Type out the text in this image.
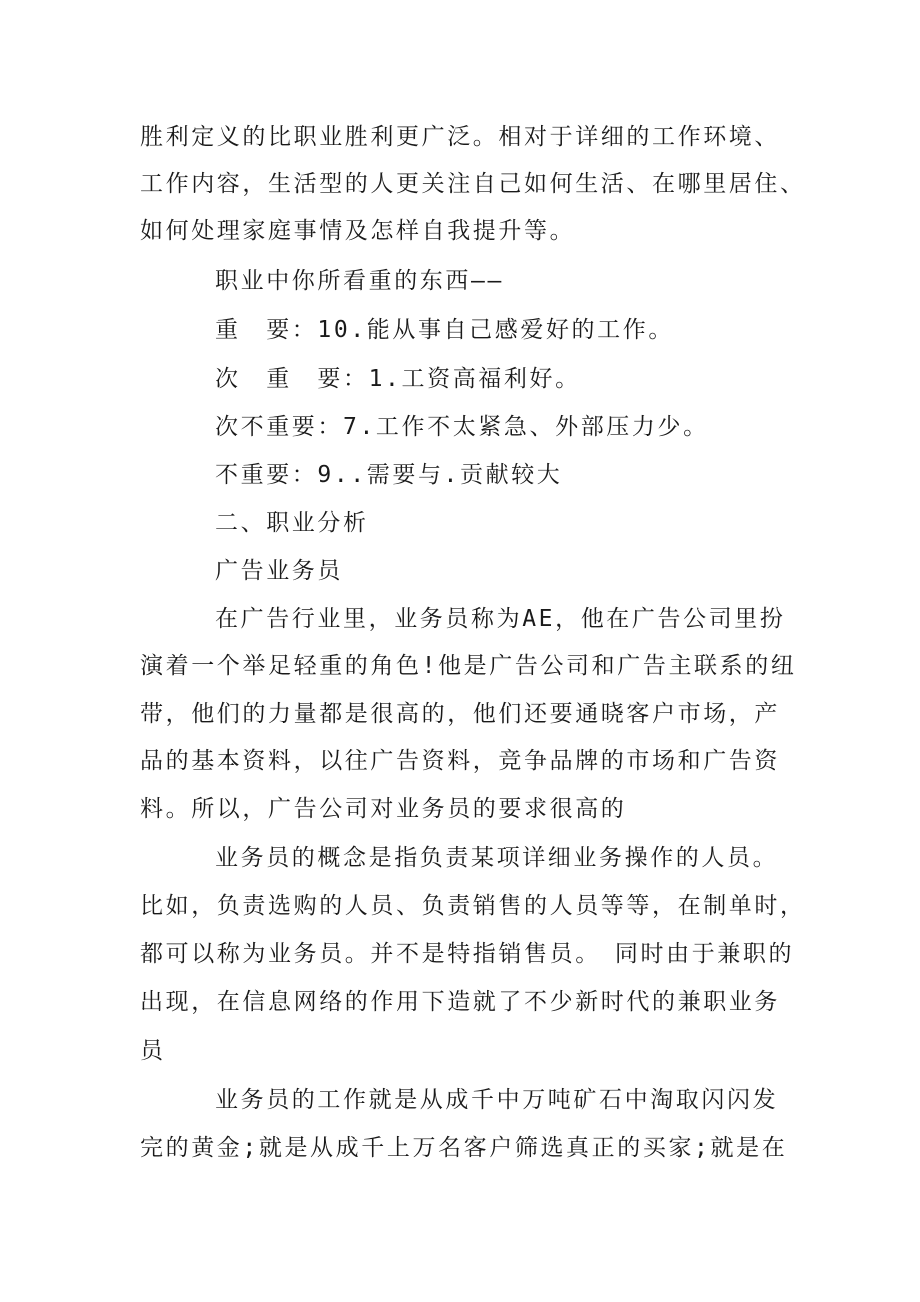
胜利定义的比职业胜利更广泛。相对于详细的工作环境、
工作内容，生活型的人更关注自己如何生活、在哪里居住、
如何处理家庭事情及怎样自我提升等。
职业中你所看重的东西——
重　要：10.能从事自己感爱好的工作。
次　重　要：1.工资高福利好。
次不重要：7.工作不太紧急、外部压力少。
不重要：9..需要与.贡献较大
二、职业分析
广告业务员
在广告行业里，业务员称为AE，他在广告公司里扮
演着一个举足轻重的角色!他是广告公司和广告主联系的纽
带，他们的力量都是很高的，他们还要通晓客户市场，产
品的基本资料，以往广告资料，竞争品牌的市场和广告资
料。所以，广告公司对业务员的要求很高的
业务员的概念是指负责某项详细业务操作的人员。
比如，负责选购的人员、负责销售的人员等等，在制单时，
都可以称为业务员。并不是特指销售员。　同时由于兼职的
出现，在信息网络的作用下造就了不少新时代的兼职业务
员
业务员的工作就是从成千中万吨矿石中淘取闪闪发
完的黄金;就是从成千上万名客户筛选真正的买家;就是在
